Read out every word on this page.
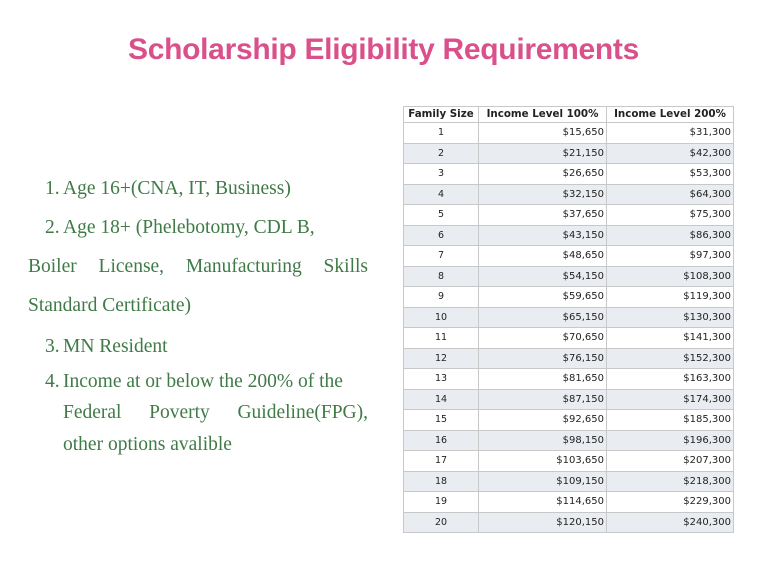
Scholarship Eligibility Requirements
1. Age 16+(CNA, IT, Business)
2. Age 18+ (Phelebotomy, CDL B,
Boiler License, Manufacturing Skills
Standard Certificate)
3. MN Resident
4. Income at or below the 200% of the
Federal Poverty Guideline(FPG),
other options avalible
Family Size	Income Level 100%	Income Level 200%
1	$15,650	$31,300
2	$21,150	$42,300
3	$26,650	$53,300
4	$32,150	$64,300
5	$37,650	$75,300
6	$43,150	$86,300
7	$48,650	$97,300
8	$54,150	$108,300
9	$59,650	$119,300
10	$65,150	$130,300
11	$70,650	$141,300
12	$76,150	$152,300
13	$81,650	$163,300
14	$87,150	$174,300
15	$92,650	$185,300
16	$98,150	$196,300
17	$103,650	$207,300
18	$109,150	$218,300
19	$114,650	$229,300
20	$120,150	$240,300
